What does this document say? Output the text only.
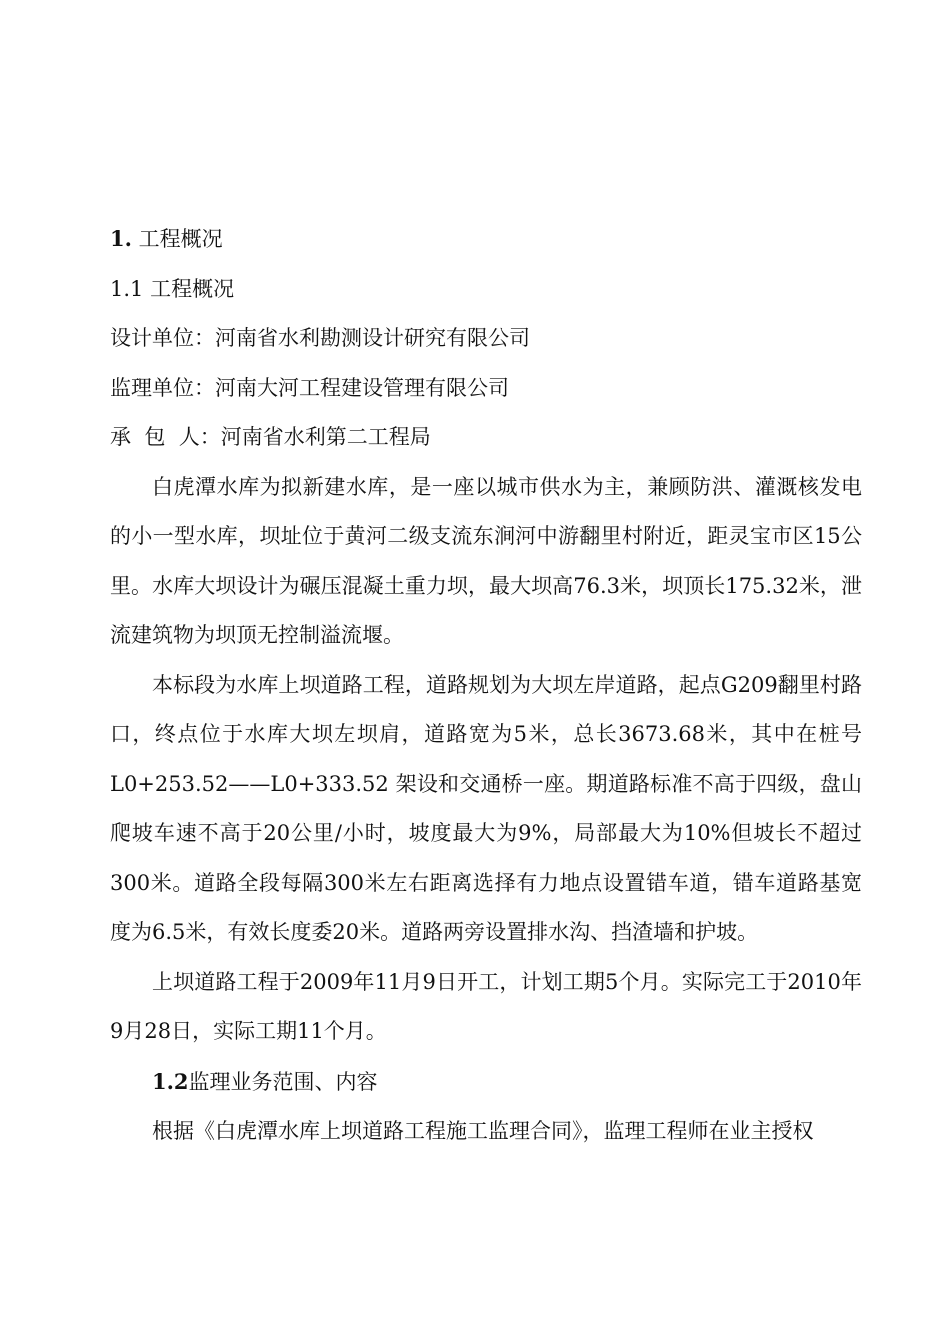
1. 工程概况

1.1 工程概况

设计单位：河南省水利勘测设计研究有限公司

监理单位：河南大河工程建设管理有限公司

承  包  人：河南省水利第二工程局

白虎潭水库为拟新建水库，是一座以城市供水为主，兼顾防洪、灌溉核发电的小一型水库，坝址位于黄河二级支流东涧河中游翻里村附近，距灵宝市区15公里。水库大坝设计为碾压混凝土重力坝，最大坝高76.3米，坝顶长175.32米，泄流建筑物为坝顶无控制溢流堰。

本标段为水库上坝道路工程，道路规划为大坝左岸道路，起点G209翻里村路口，终点位于水库大坝左坝肩，道路宽为5米，总长3673.68米，其中在桩号 L0+253.52——L0+333.52 架设和交通桥一座。期道路标准不高于四级，盘山爬坡车速不高于20公里/小时，坡度最大为9%，局部最大为10%但坡长不超过300米。道路全段每隔300米左右距离选择有力地点设置错车道，错车道路基宽度为6.5米，有效长度委20米。道路两旁设置排水沟、挡渣墙和护坡。

上坝道路工程于2009年11月9日开工，计划工期5个月。实际完工于2010年9月28日，实际工期11个月。

1.2监理业务范围、内容

根据《白虎潭水库上坝道路工程施工监理合同》，监理工程师在业主授权
